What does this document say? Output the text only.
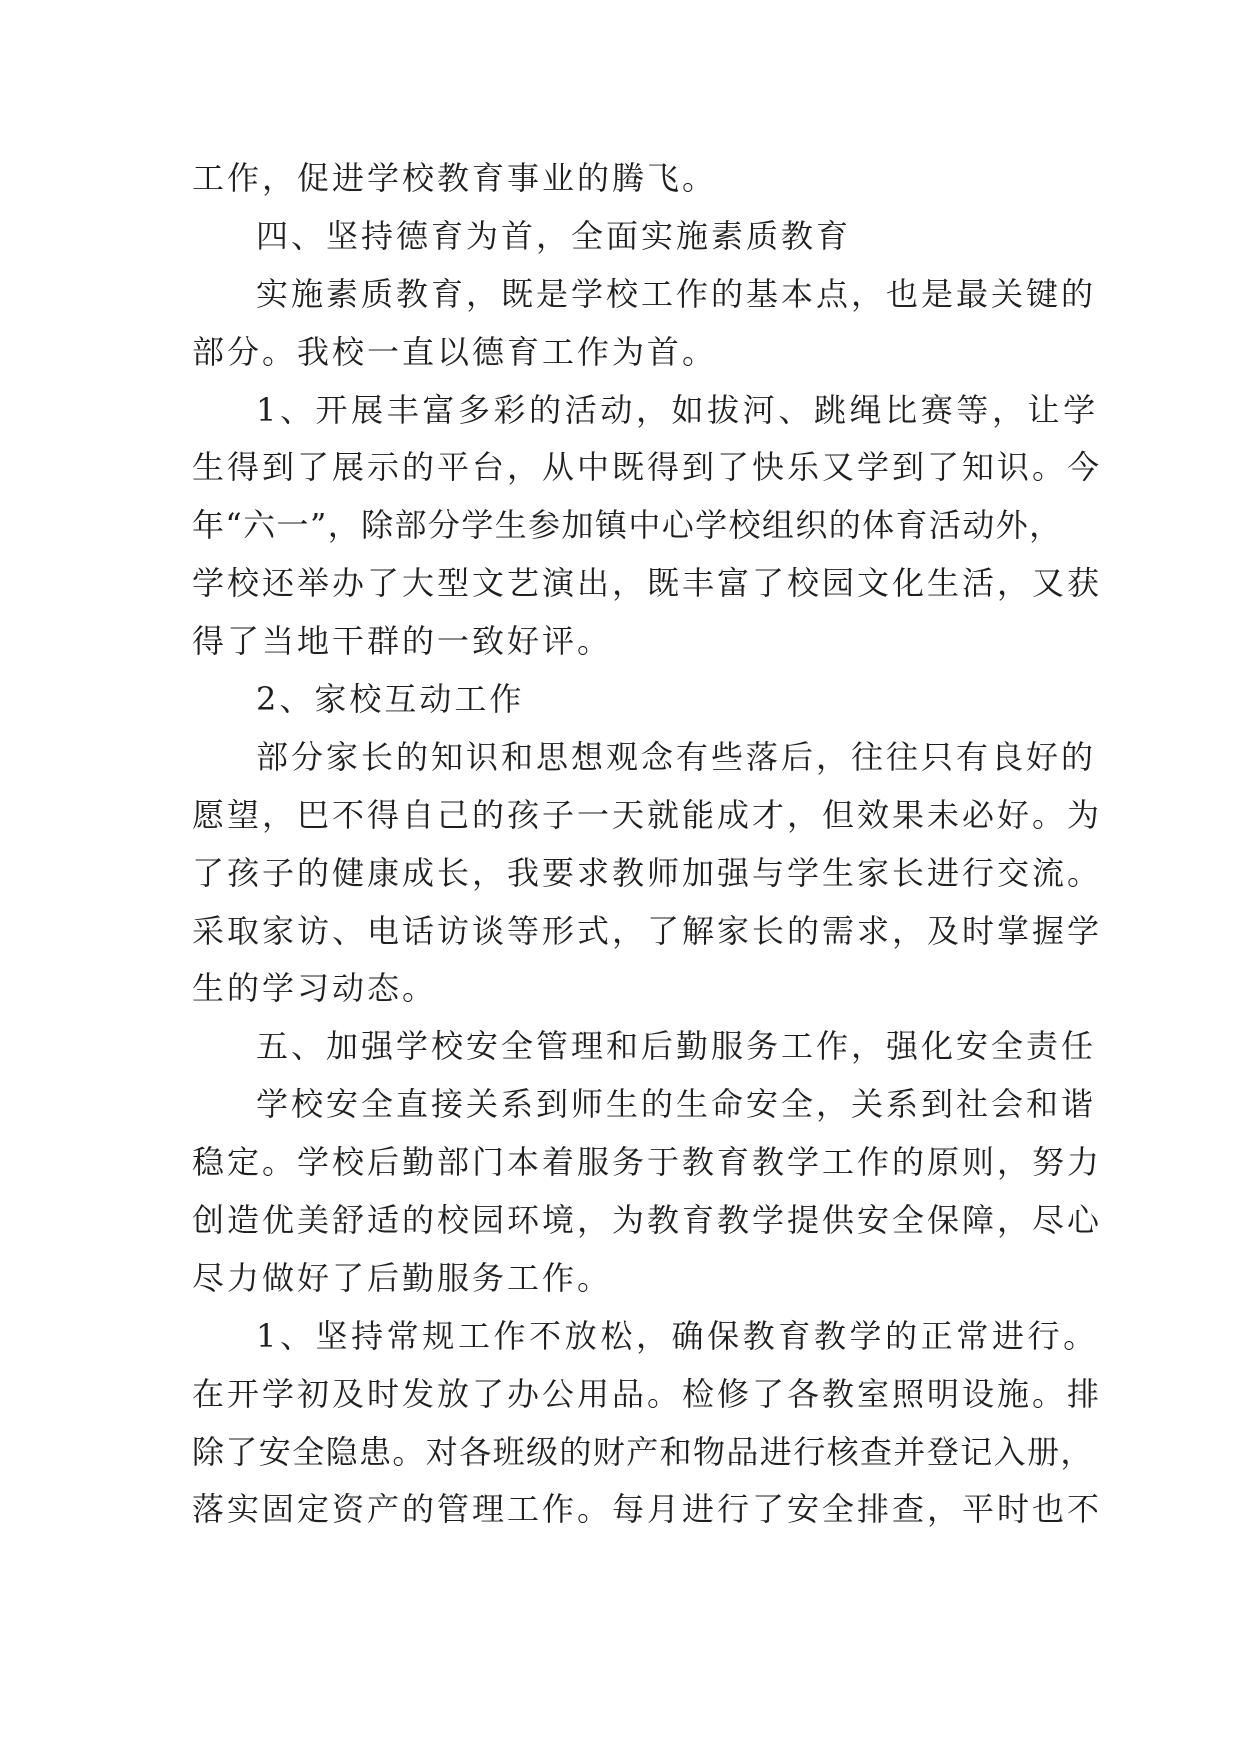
工作，促进学校教育事业的腾飞。
四、坚持德育为首，全面实施素质教育
实施素质教育，既是学校工作的基本点，也是最关键的
部分。我校一直以德育工作为首。
1、开展丰富多彩的活动，如拔河、跳绳比赛等，让学
生得到了展示的平台，从中既得到了快乐又学到了知识。今
年“六一”，除部分学生参加镇中心学校组织的体育活动外，
学校还举办了大型文艺演出，既丰富了校园文化生活，又获
得了当地干群的一致好评。
2、家校互动工作
部分家长的知识和思想观念有些落后，往往只有良好的
愿望，巴不得自己的孩子一天就能成才，但效果未必好。为
了孩子的健康成长，我要求教师加强与学生家长进行交流。
采取家访、电话访谈等形式，了解家长的需求，及时掌握学
生的学习动态。
五、加强学校安全管理和后勤服务工作，强化安全责任
学校安全直接关系到师生的生命安全，关系到社会和谐
稳定。学校后勤部门本着服务于教育教学工作的原则，努力
创造优美舒适的校园环境，为教育教学提供安全保障，尽心
尽力做好了后勤服务工作。
1、坚持常规工作不放松，确保教育教学的正常进行。
在开学初及时发放了办公用品。检修了各教室照明设施。排
除了安全隐患。对各班级的财产和物品进行核查并登记入册，
落实固定资产的管理工作。每月进行了安全排查，平时也不
